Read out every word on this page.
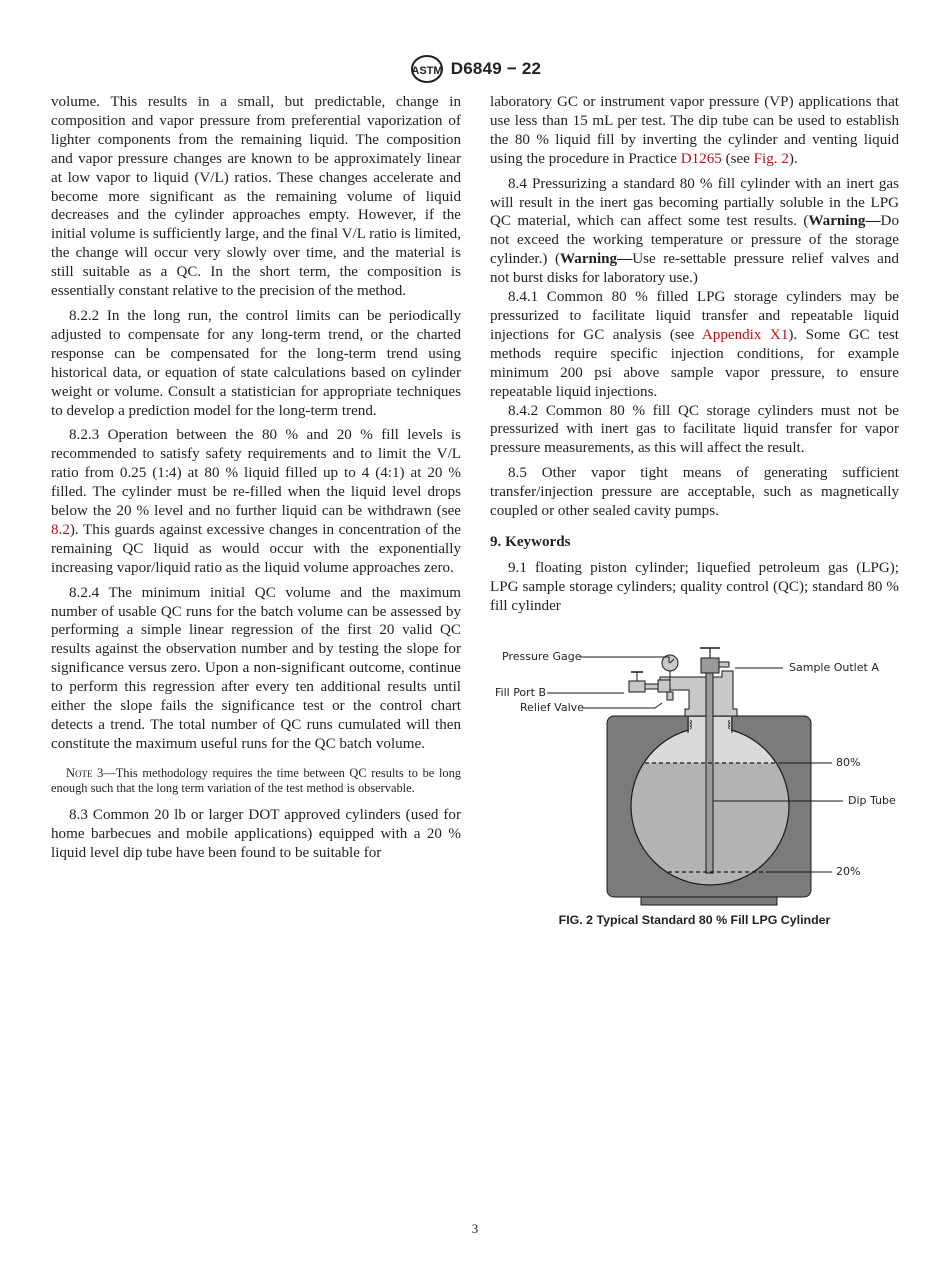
ASTM D6849 − 22

volume. This results in a small, but predictable, change in composition and vapor pressure from preferential vaporization of lighter components from the remaining liquid. The composition and vapor pressure changes are known to be approximately linear at low vapor to liquid (V/L) ratios. These changes accelerate and become more significant as the remaining volume of liquid decreases and the cylinder approaches empty. However, if the initial volume is sufficiently large, and the final V/L ratio is limited, the change will occur very slowly over time, and the material is still suitable as a QC. In the short term, the composition is essentially constant relative to the precision of the method.

8.2.2 In the long run, the control limits can be periodically adjusted to compensate for any long-term trend, or the charted response can be compensated for the long-term trend using historical data, or equation of state calculations based on cylinder weight or volume. Consult a statistician for appropriate techniques to develop a prediction model for the long-term trend.

8.2.3 Operation between the 80 % and 20 % fill levels is recommended to satisfy safety requirements and to limit the V/L ratio from 0.25 (1:4) at 80 % liquid filled up to 4 (4:1) at 20 % filled. The cylinder must be re-filled when the liquid level drops below the 20 % level and no further liquid can be withdrawn (see 8.2). This guards against excessive changes in concentration of the remaining QC liquid as would occur with the exponentially increasing vapor/liquid ratio as the liquid volume approaches zero.

8.2.4 The minimum initial QC volume and the maximum number of usable QC runs for the batch volume can be assessed by performing a simple linear regression of the first 20 valid QC results against the observation number and by testing the slope for significance versus zero. Upon a non-significant outcome, continue to perform this regression after every ten additional results until either the slope fails the significance test or the control chart detects a trend. The total number of QC runs cumulated will then constitute the maximum useful runs for the QC batch volume.

Note 3—This methodology requires the time between QC results to be long enough such that the long term variation of the test method is observable.

8.3 Common 20 lb or larger DOT approved cylinders (used for home barbecues and mobile applications) equipped with a 20 % liquid level dip tube have been found to be suitable for

laboratory GC or instrument vapor pressure (VP) applications that use less than 15 mL per test. The dip tube can be used to establish the 80 % liquid fill by inverting the cylinder and venting liquid using the procedure in Practice D1265 (see Fig. 2).

8.4 Pressurizing a standard 80 % fill cylinder with an inert gas will result in the inert gas becoming partially soluble in the LPG QC material, which can affect some test results. (Warning—Do not exceed the working temperature or pressure of the storage cylinder.) (Warning—Use re-settable pressure relief valves and not burst disks for laboratory use.)

8.4.1 Common 80 % filled LPG storage cylinders may be pressurized to facilitate liquid transfer and repeatable liquid injections for GC analysis (see Appendix X1). Some GC test methods require specific injection conditions, for example minimum 200 psi above sample vapor pressure, to ensure repeatable liquid injections.

8.4.2 Common 80 % fill QC storage cylinders must not be pressurized with inert gas to facilitate liquid transfer for vapor pressure measurements, as this will affect the result.

8.5 Other vapor tight means of generating sufficient transfer/injection pressure are acceptable, such as magnetically coupled or other sealed cavity pumps.

9. Keywords

9.1 floating piston cylinder; liquefied petroleum gas (LPG); LPG sample storage cylinders; quality control (QC); standard 80 % fill cylinder

Pressure Gage
Sample Outlet A
Fill Port B
Relief Valve
80%
Dip Tube
20%
FIG. 2 Typical Standard 80 % Fill LPG Cylinder
3
